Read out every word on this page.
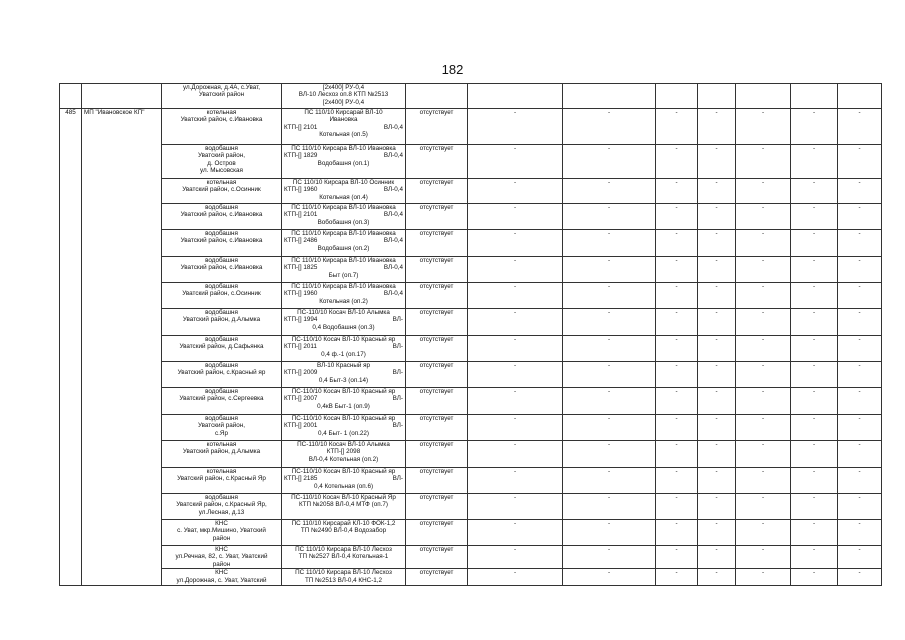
182

		ул.Дорожная, д.4А, с.Уват,
Уватский район	[2х400] РУ-0,4
ВЛ-10 Лесхоз оп.8 КТП №2513
[2х400] РУ-0,4									

485	МП "Ивановское КП"	котельная
Уватский район, с.Ивановка	ПС 110/10 Кирсарай ВЛ-10
Ивановка
КТП-[] 2101 ВЛ-0,4
Котельная (оп.5)	отсутствует	-	-	-	-	-	-	-	

		водобашня
Уватский район,
д. Остров
ул. Мысовская	ПС 110/10 Кирсара ВЛ-10 Ивановка
КТП-[] 1829 ВЛ-0,4
Водобашня (оп.1)	отсутствует	-	-	-	-	-	-	-	

		котельная
Уватский район, с.Осинник	ПС 110/10 Кирсара ВЛ-10 Осинник
КТП-[] 1960 ВЛ-0,4
Котельная (оп.4)	отсутствует	-	-	-	-	-	-	-	

		водобашня
Уватский район, с.Ивановка	ПС 110/10 Кирсара ВЛ-10 Ивановка
КТП-[] 2101 ВЛ-0,4
Вобобашня (оп.3)	отсутствует	-	-	-	-	-	-	-	

		водобашня
Уватский район, с.Ивановка	ПС 110/10 Кирсара ВЛ-10 Ивановка
КТП-[] 2486 ВЛ-0,4
Водобашня (оп.2)	отсутствует	-	-	-	-	-	-	-	

		водобашня
Уватский район, с.Ивановка	ПС 110/10 Кирсара ВЛ-10 Ивановка
КТП-[] 1825 ВЛ-0,4
Быт (оп.7)	отсутствует	-	-	-	-	-	-	-	

		водобашня
Уватский район, с.Осинник	ПС 110/10 Кирсара ВЛ-10 Ивановка
КТП-[] 1960 ВЛ-0,4
Котельная (оп.2)	отсутствует	-	-	-	-	-	-	-	

		водобашня
Уватский район, д.Алымка	ПС-110/10 Косач ВЛ-10 Алымка
КТП-[] 1994 ВЛ-
0,4 Водобашня (оп.3)	отсутствует	-	-	-	-	-	-	-	

		водобашня
Уватский район, д.Сафьянка	ПС-110/10 Косач ВЛ-10 Красный яр
КТП-[] 2011 ВЛ-
0,4 ф.-1 (оп.17)	отсутствует	-	-	-	-	-	-	-	

		водобашня
Уватский район, с.Красный яр	ВЛ-10 Красный яр
КТП-[] 2009 ВЛ-
0,4 Быт-3 (оп.14)	отсутствует	-	-	-	-	-	-	-	

		водобашня
Уватский район, с.Сергеевка	ПС-110/10 Косач ВЛ-10 Красный яр
КТП-[] 2007 ВЛ-
0,4кВ Быт-1 (оп.9)	отсутствует	-	-	-	-	-	-	-	

		водобашня
Уватский район,
с.Яр	ПС-110/10 Косач ВЛ-10 Красный яр
КТП-[] 2001 ВЛ-
0,4 Быт- 1 (оп.22)	отсутствует	-	-	-	-	-	-	-	

		котельная
Уватский район, д.Алымка	ПС-110/10 Косач ВЛ-10 Алымка
КТП-[] 2098
ВЛ-0,4 Котельная (оп.2)	отсутствует	-	-	-	-	-	-	-	

		котельная
Уватский район, с.Красный Яр	ПС-110/10 Косач ВЛ-10 Красный яр
КТП-[] 2185 ВЛ-
0,4 Котельная (оп.6)	отсутствует	-	-	-	-	-	-	-	

		водобашня
Уватский район, с.Красный Яр,
ул.Лесная, д.13	ПС-110/10 Косач ВЛ-10 Красный Яр
КТП №2058 ВЛ-0,4 МТФ (оп.7)	отсутствует	-	-	-	-	-	-	-	

		КНС
с. Уват, мкр.Мишино, Уватский
район	ПС 110/10 Кирсарай КЛ-10 ФОК-1,2
ТП №2490 ВЛ-0,4 Водозабор	отсутствует	-	-	-	-	-	-	-	

		КНС
ул.Речная, 82, с. Уват, Уватский
район	ПС 110/10 Кирсара ВЛ-10 Лесхоз
ТП №2527 ВЛ-0,4 Котельная-1	отсутствует	-	-	-	-	-	-	-	

		КНС
ул.Дорожная, с. Уват, Уватский	ПС 110/10 Кирсара ВЛ-10 Лесхоз
ТП №2513 ВЛ-0,4 КНС-1,2	отсутствует	-	-	-	-	-	-	-	
